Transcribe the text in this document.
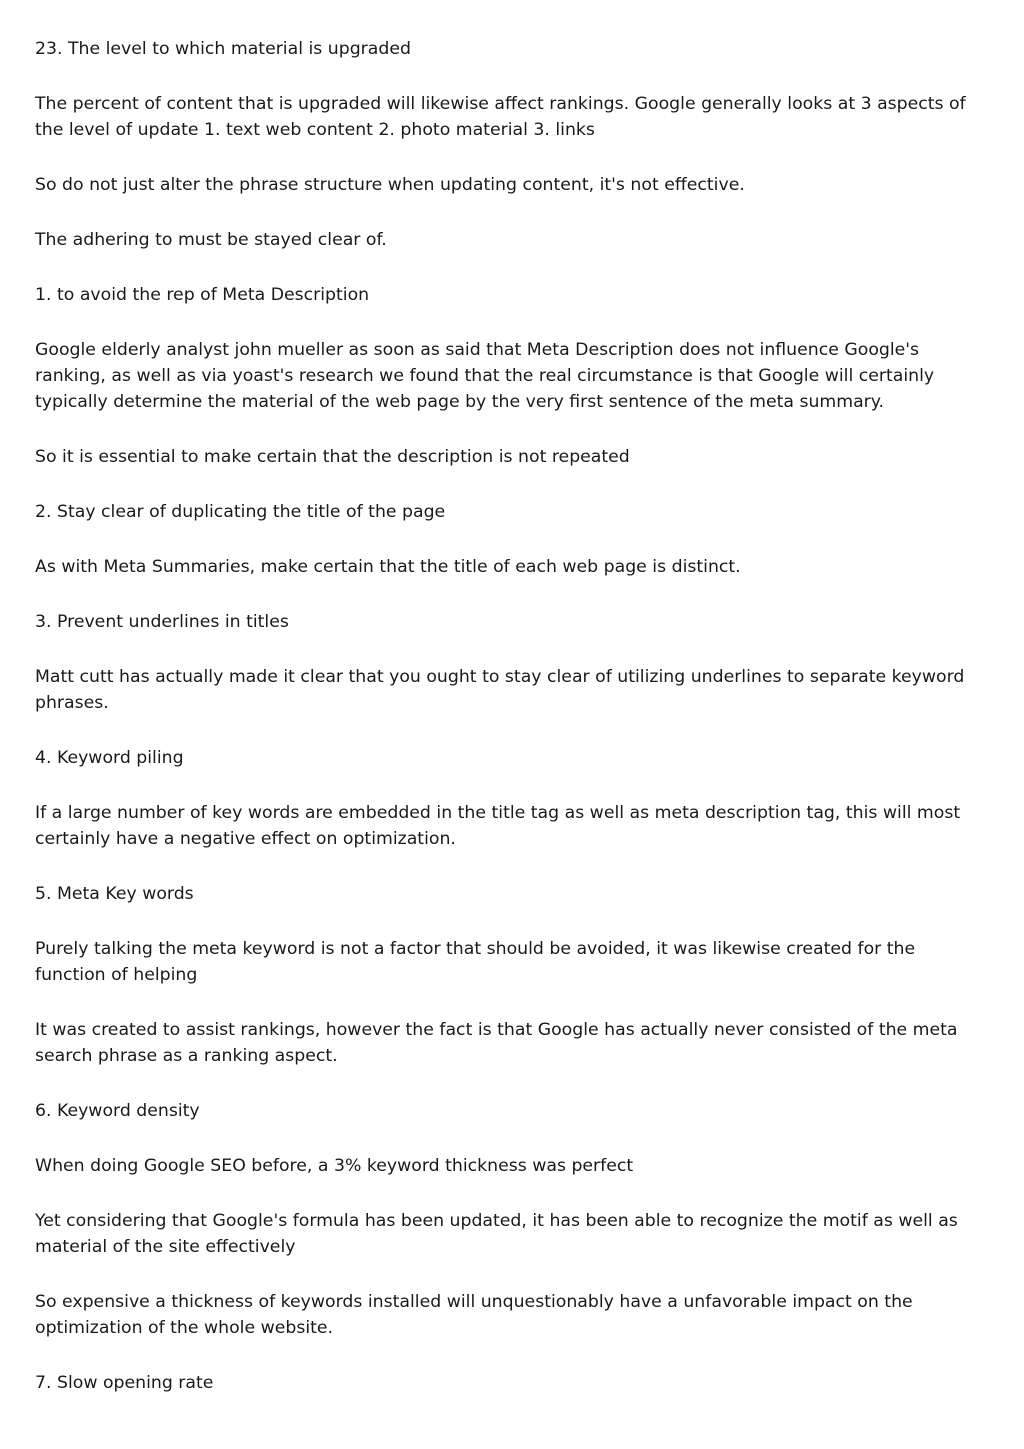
23. The level to which material is upgraded

The percent of content that is upgraded will likewise affect rankings. Google generally looks at 3 aspects of the level of update 1. text web content 2. photo material 3. links

So do not just alter the phrase structure when updating content, it's not effective.

The adhering to must be stayed clear of.

1. to avoid the rep of Meta Description

Google elderly analyst john mueller as soon as said that Meta Description does not influence Google's ranking, as well as via yoast's research we found that the real circumstance is that Google will certainly typically determine the material of the web page by the very first sentence of the meta summary.

So it is essential to make certain that the description is not repeated

2. Stay clear of duplicating the title of the page

As with Meta Summaries, make certain that the title of each web page is distinct.

3. Prevent underlines in titles

Matt cutt has actually made it clear that you ought to stay clear of utilizing underlines to separate keyword phrases.

4. Keyword piling

If a large number of key words are embedded in the title tag as well as meta description tag, this will most certainly have a negative effect on optimization.

5. Meta Key words

Purely talking the meta keyword is not a factor that should be avoided, it was likewise created for the function of helping

It was created to assist rankings, however the fact is that Google has actually never consisted of the meta search phrase as a ranking aspect.

6. Keyword density

When doing Google SEO before, a 3% keyword thickness was perfect

Yet considering that Google's formula has been updated, it has been able to recognize the motif as well as material of the site effectively

So expensive a thickness of keywords installed will unquestionably have a unfavorable impact on the optimization of the whole website.

7. Slow opening rate
